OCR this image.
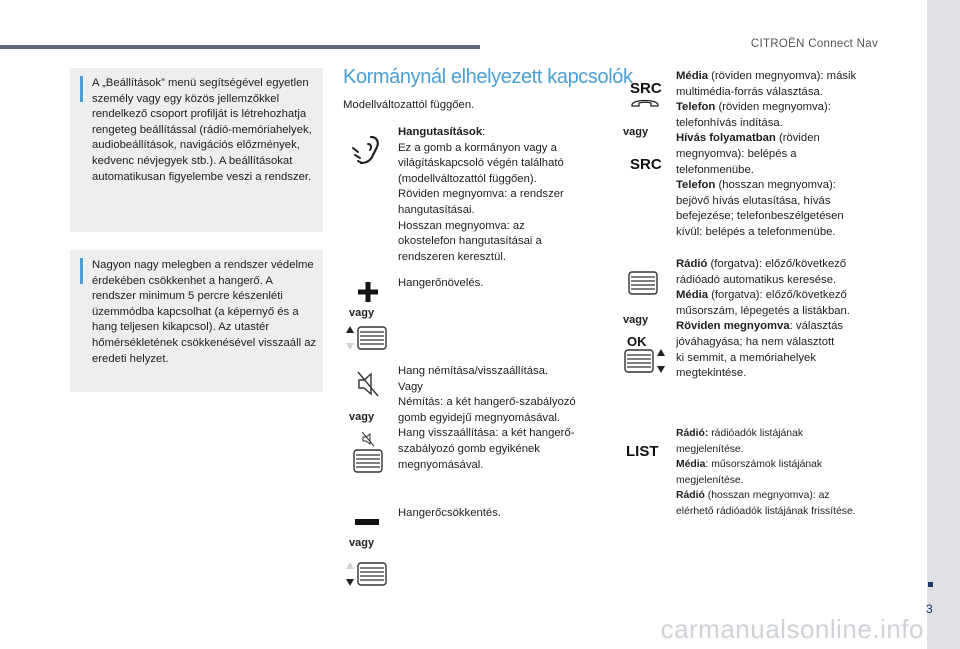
CITROËN Connect Nav
3
carmanualsonline.info

A „Beállítások” menü segítségével egyetlen személy vagy egy közös jellemzőkkel rendelkező csoport profilját is létrehozhatja rengeteg beállítással (rádió-memóriahelyek, audiobeállítások, navigációs előzmények, kedvenc névjegyek stb.). A beállításokat automatikusan figyelembe veszi a rendszer.

Nagyon nagy melegben a rendszer védelme érdekében csökkenhet a hangerő. A rendszer minimum 5 percre készenléti üzemmódba kapcsolhat (a képernyő és a hang teljesen kikapcsol). Az utastér hőmérsékletének csökkenésével visszaáll az eredeti helyzet.

Kormánynál elhelyezett kapcsolók
Modellváltozattól függően.
Hangutasítások:
Ez a gomb a kormányon vagy a
világításkapcsoló végén található
(modellváltozattól függően).
Röviden megnyomva: a rendszer
hangutasításai.
Hosszan megnyomva: az
okostelefon hangutasításai a
rendszeren keresztül.
vagy
Hangerőnövelés.
vagy
Hang némítása/visszaállítása.
Vagy
Némítás: a két hangerő-szabályozó
gomb egyidejű megnyomásával.
Hang visszaállítása: a két hangerő-
szabályozó gomb egyikének
megnyomásával.
vagy
Hangerőcsökkentés.
SRC
vagy
SRC
Média (röviden megnyomva): másik
multimédia-forrás választása.
Telefon (röviden megnyomva):
telefonhívás indítása.
Hívás folyamatban (röviden
megnyomva): belépés a
telefonmenübe.
Telefon (hosszan megnyomva):
bejövő hívás elutasítása, hívás
befejezése; telefonbeszélgetésen
kívül: belépés a telefonmenübe.
vagy
OK
Rádió (forgatva): előző/következő
rádióadó automatikus keresése.
Média (forgatva): előző/következő
műsorszám, lépegetés a listákban.
Röviden megnyomva: választás
jóváhagyása; ha nem választott
ki semmit, a memóriahelyek
megtekintése.
LIST
Rádió: rádióadók listájának
megjelenítése.
Média: műsorszámok listájának
megjelenítése.
Rádió (hosszan megnyomva): az
elérhető rádióadók listájának frissítése.
